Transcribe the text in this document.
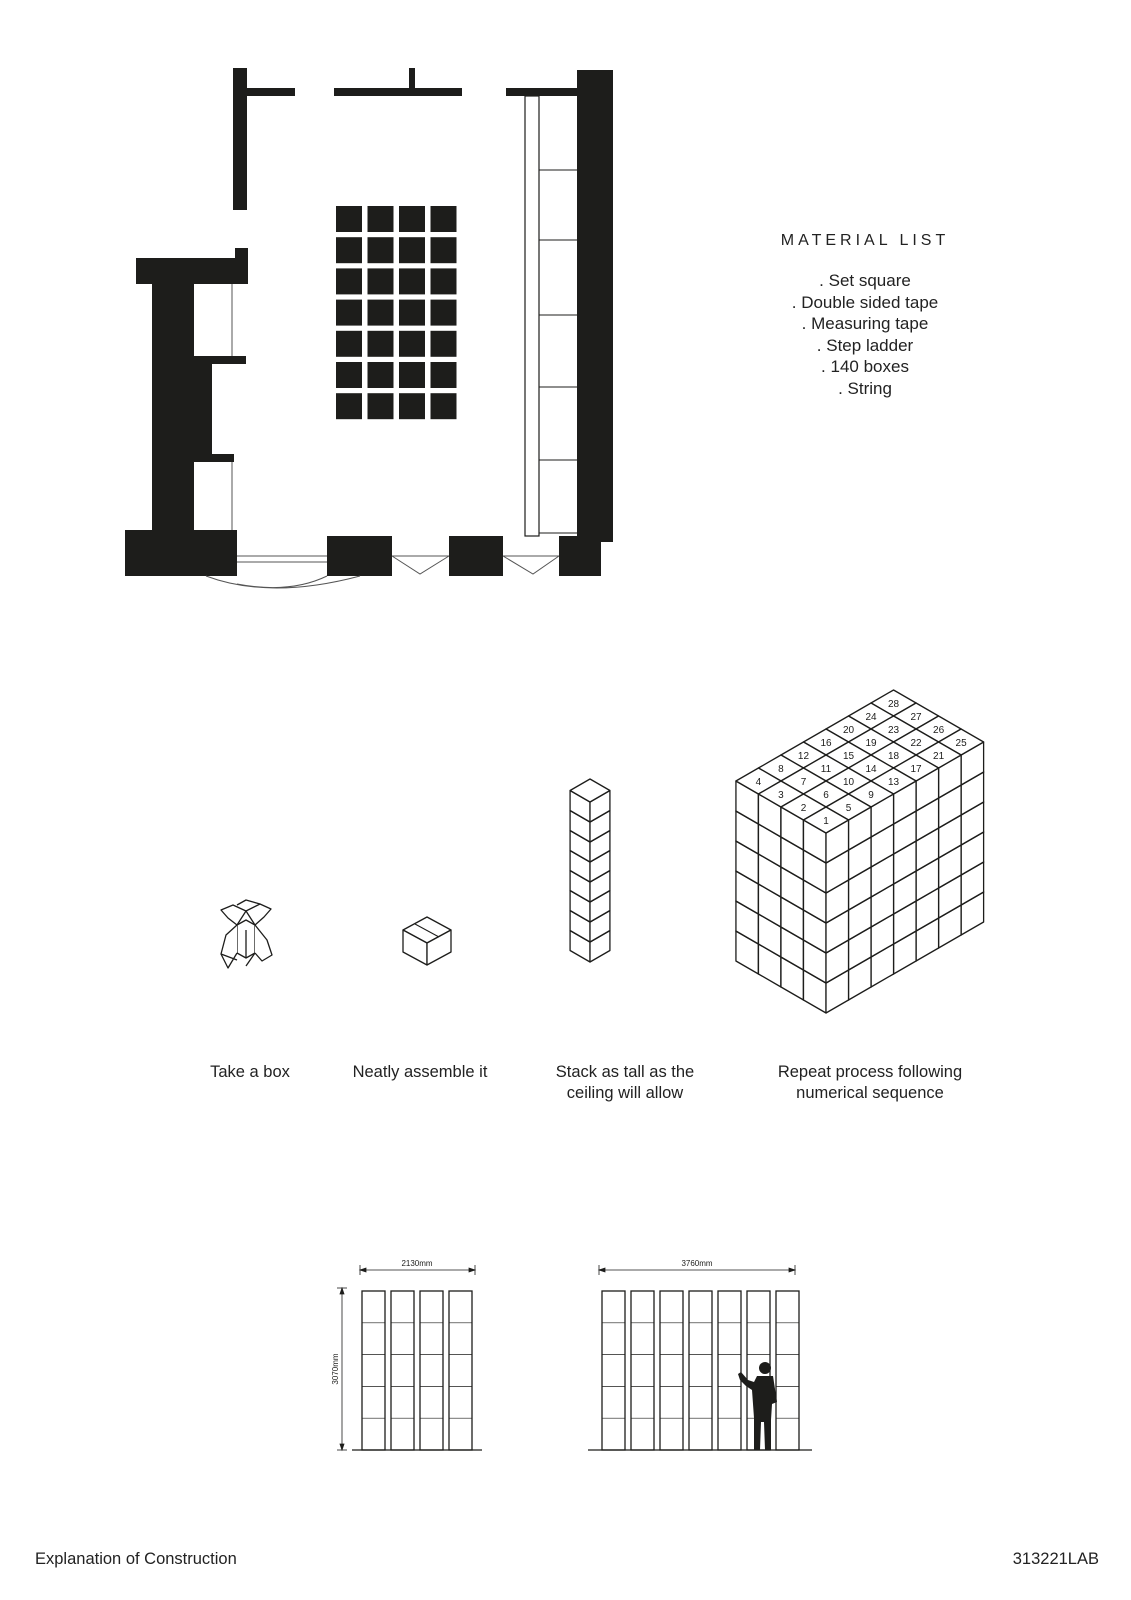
MATERIAL LIST
. Set square
. Double sided tape
. Measuring tape
. Step ladder
. 140 boxes
. String
1
2
3
4
5
6
7
8
9
10
11
12
13
14
15
16
17
18
19
20
21
22
23
24
25
26
27
28
Take a box	Neatly assemble it	Stack as tall as the ceiling will allow
Repeat process following numerical sequence
2130mm
3070mm
3760mm
Explanation of Construction	313221LAB
